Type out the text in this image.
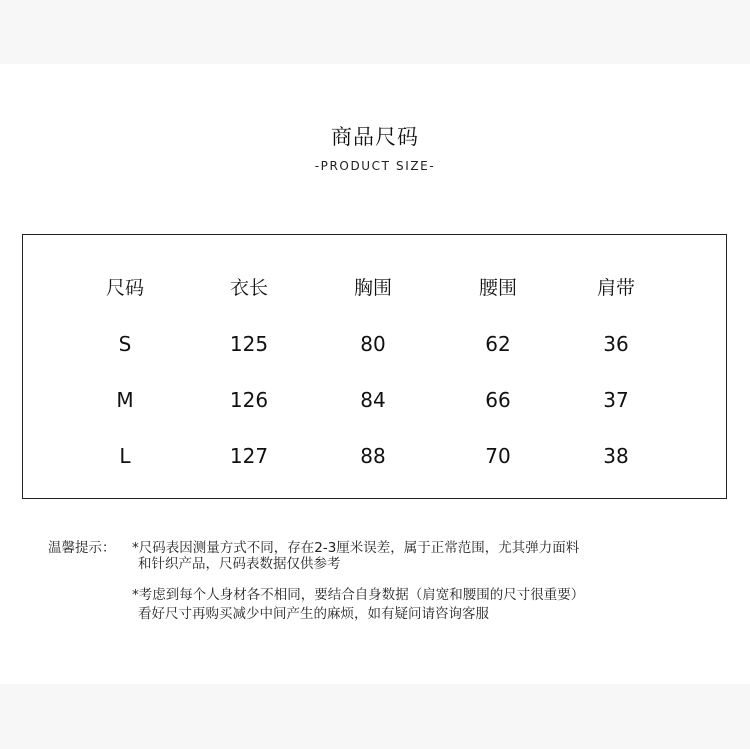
商品尺码
-PRODUCT SIZE-
尺码	衣长	胸围	腰围	肩带
S	125	80	62	36
M	126	84	66	37
L	127	88	70	38
温馨提示： *尺码表因测量方式不同，存在2-3厘米误差，属于正常范围，尤其弹力面料
和针织产品，尺码表数据仅供参考
*考虑到每个人身材各不相同，要结合自身数据（肩宽和腰围的尺寸很重要）
看好尺寸再购买减少中间产生的麻烦，如有疑问请咨询客服
